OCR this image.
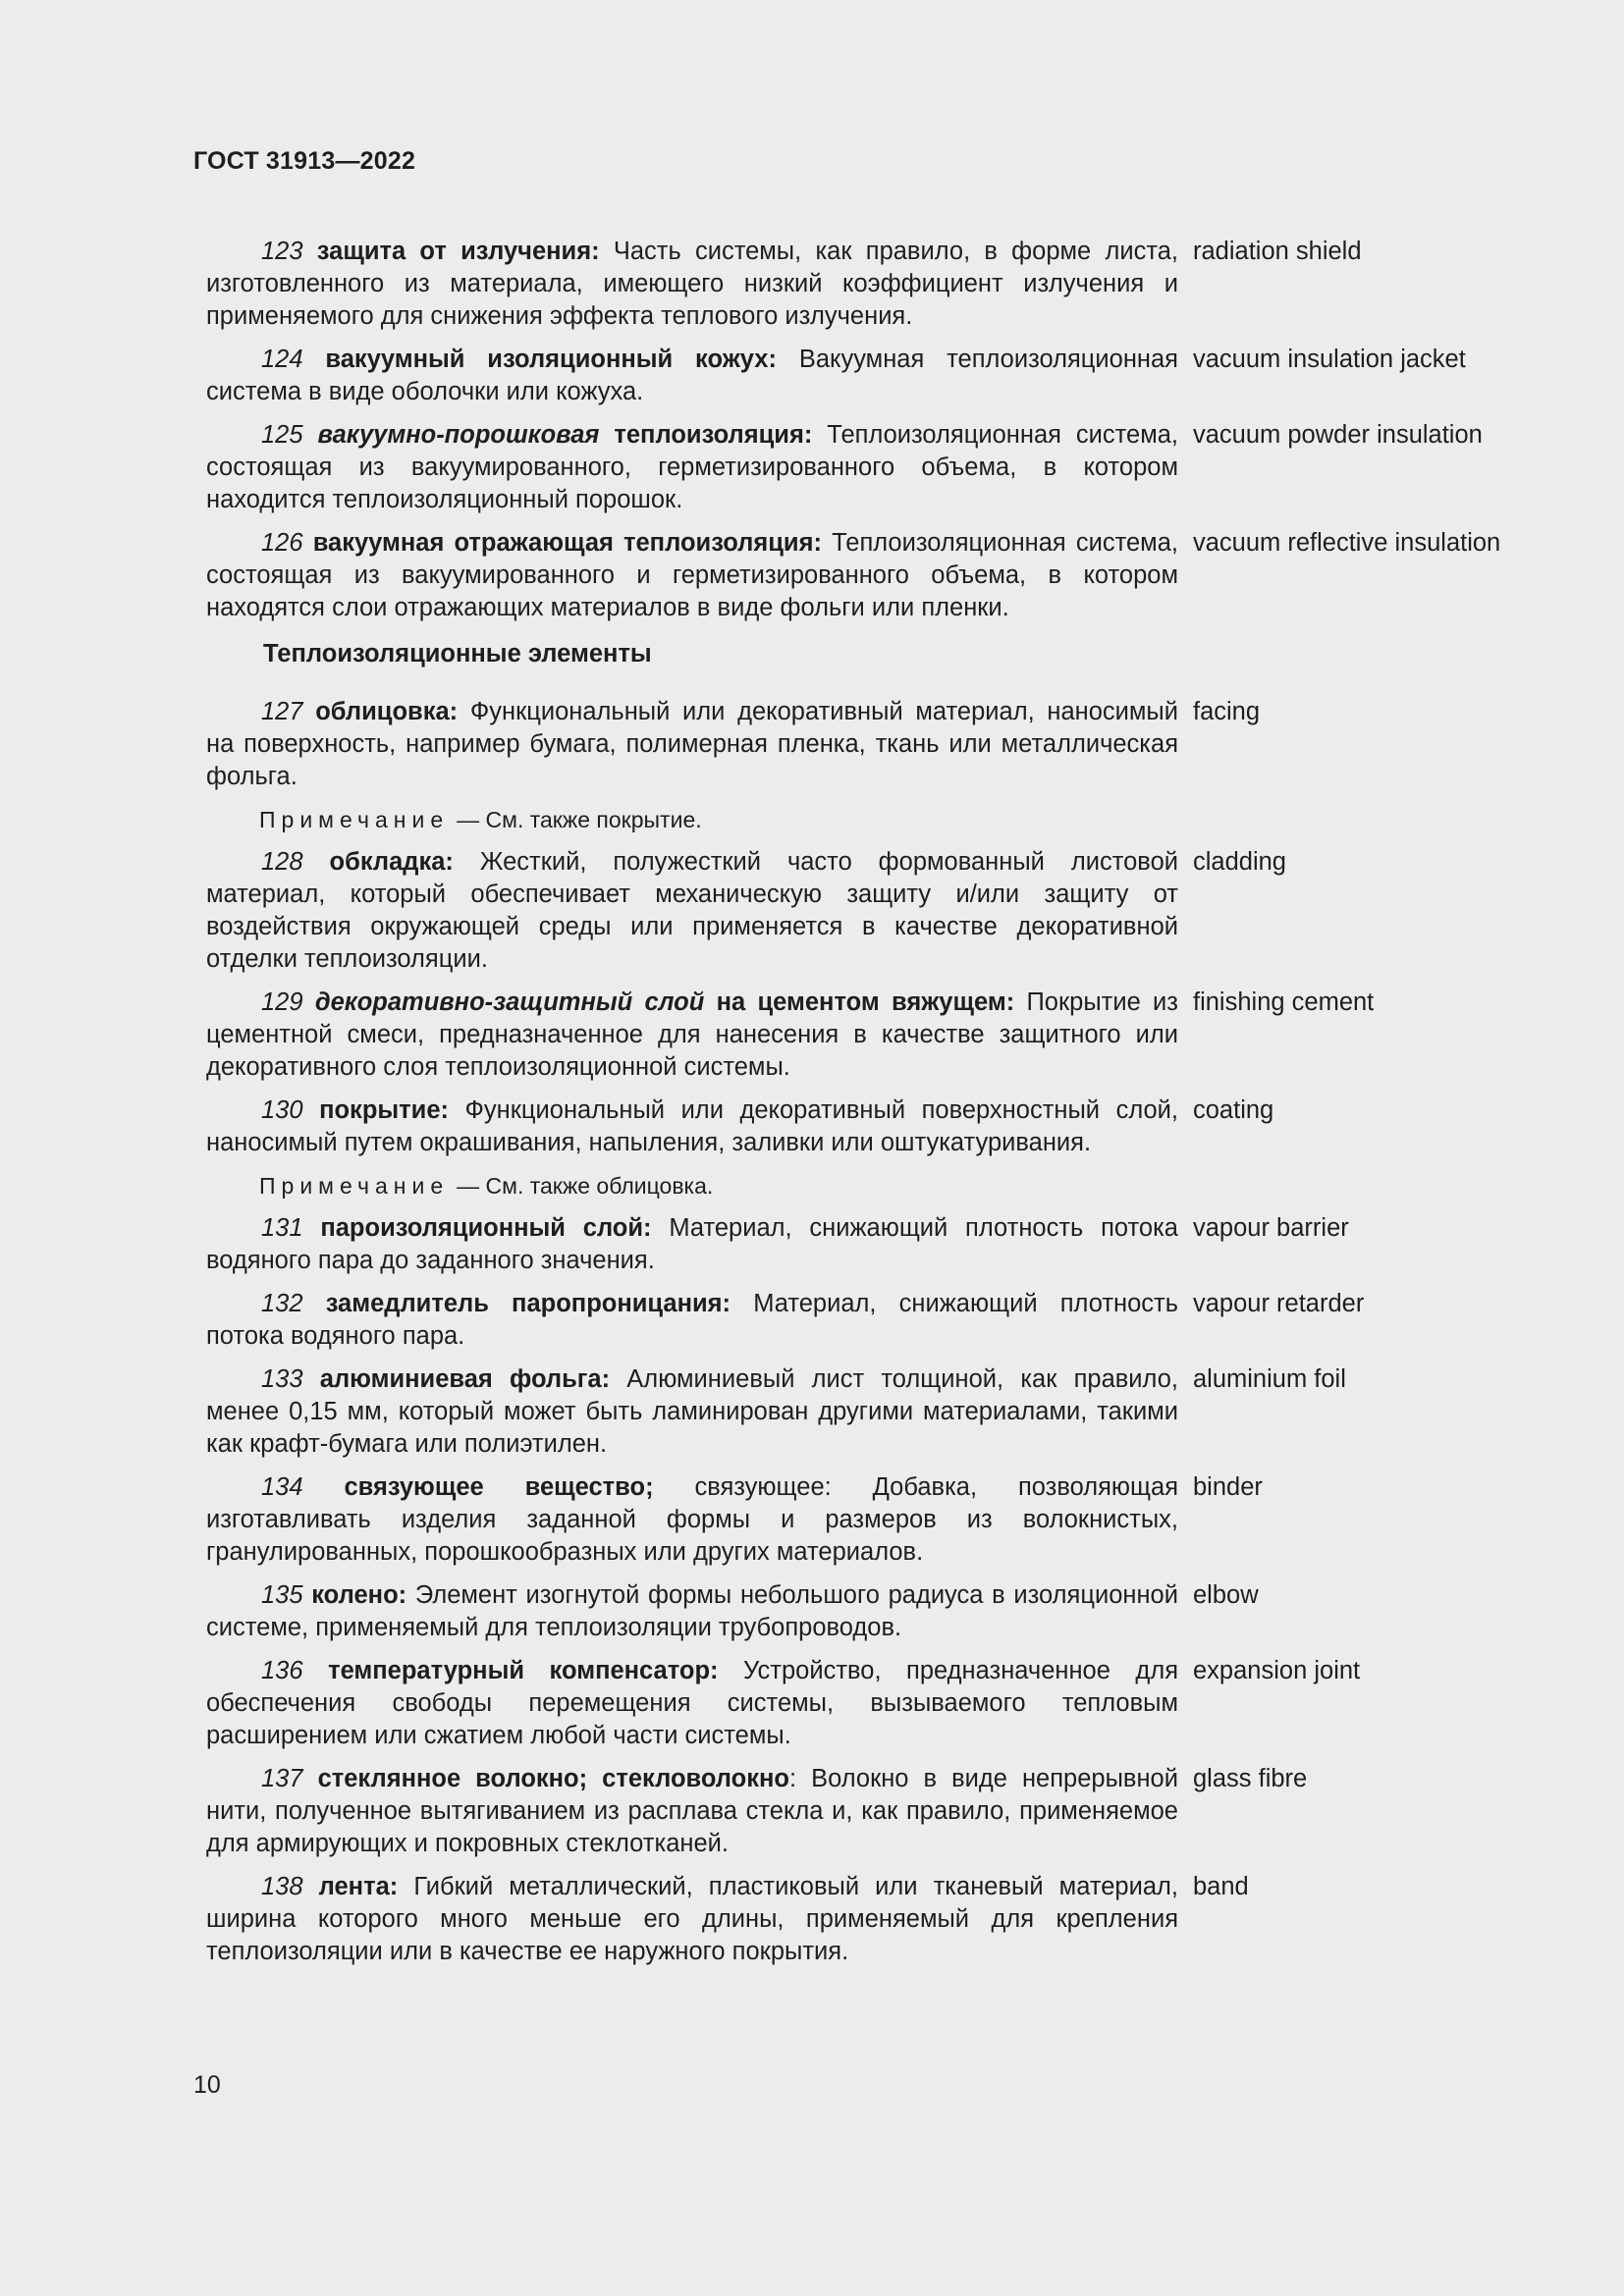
ГОСТ 31913—2022
123 защита от излучения: Часть системы, как правило, в форме листа, изготовленного из материала, имеющего низкий коэффициент излучения и применяемого для снижения эффекта теплового излучения.
radiation shield
124 вакуумный изоляционный кожух: Вакуумная теплоизоляционная система в виде оболочки или кожуха.
vacuum insulation jacket
125 вакуумно-порошковая теплоизоляция: Теплоизоляционная система, состоящая из вакуумированного, герметизированного объема, в котором находится теплоизоляционный порошок.
vacuum powder insulation
126 вакуумная отражающая теплоизоляция: Теплоизоляционная система, состоящая из вакуумированного и герметизированного объема, в котором находятся слои отражающих материалов в виде фольги или пленки.
vacuum reflective insulation
Теплоизоляционные элементы
127 облицовка: Функциональный или декоративный материал, наносимый на поверхность, например бумага, полимерная пленка, ткань или металлическая фольга.
facing
Примечание — См. также покрытие.
128 обкладка: Жесткий, полужесткий часто формованный листовой материал, который обеспечивает механическую защиту и/или защиту от воздействия окружающей среды или применяется в качестве декоративной отделки теплоизоляции.
cladding
129 декоративно-защитный слой на цементом вяжущем: Покрытие из цементной смеси, предназначенное для нанесения в качестве защитного или декоративного слоя теплоизоляционной системы.
finishing cement
130 покрытие: Функциональный или декоративный поверхностный слой, наносимый путем окрашивания, напыления, заливки или оштукатуривания.
coating
Примечание — См. также облицовка.
131 пароизоляционный слой: Материал, снижающий плотность потока водяного пара до заданного значения.
vapour barrier
132 замедлитель паропроницания: Материал, снижающий плотность потока водяного пара.
vapour retarder
133 алюминиевая фольга: Алюминиевый лист толщиной, как правило, менее 0,15 мм, который может быть ламинирован другими материалами, такими как крафт-бумага или полиэтилен.
aluminium foil
134 связующее вещество; связующее: Добавка, позволяющая изготавливать изделия заданной формы и размеров из волокнистых, гранулированных, порошкообразных или других материалов.
binder
135 колено: Элемент изогнутой формы небольшого радиуса в изоляционной системе, применяемый для теплоизоляции трубопроводов.
elbow
136 температурный компенсатор: Устройство, предназначенное для обеспечения свободы перемещения системы, вызываемого тепловым расширением или сжатием любой части системы.
expansion joint
137 стеклянное волокно; стекловолокно: Волокно в виде непрерывной нити, полученное вытягиванием из расплава стекла и, как правило, применяемое для армирующих и покровных стеклотканей.
glass fibre
138 лента: Гибкий металлический, пластиковый или тканевый материал, ширина которого много меньше его длины, применяемый для крепления теплоизоляции или в качестве ее наружного покрытия.
band
10
